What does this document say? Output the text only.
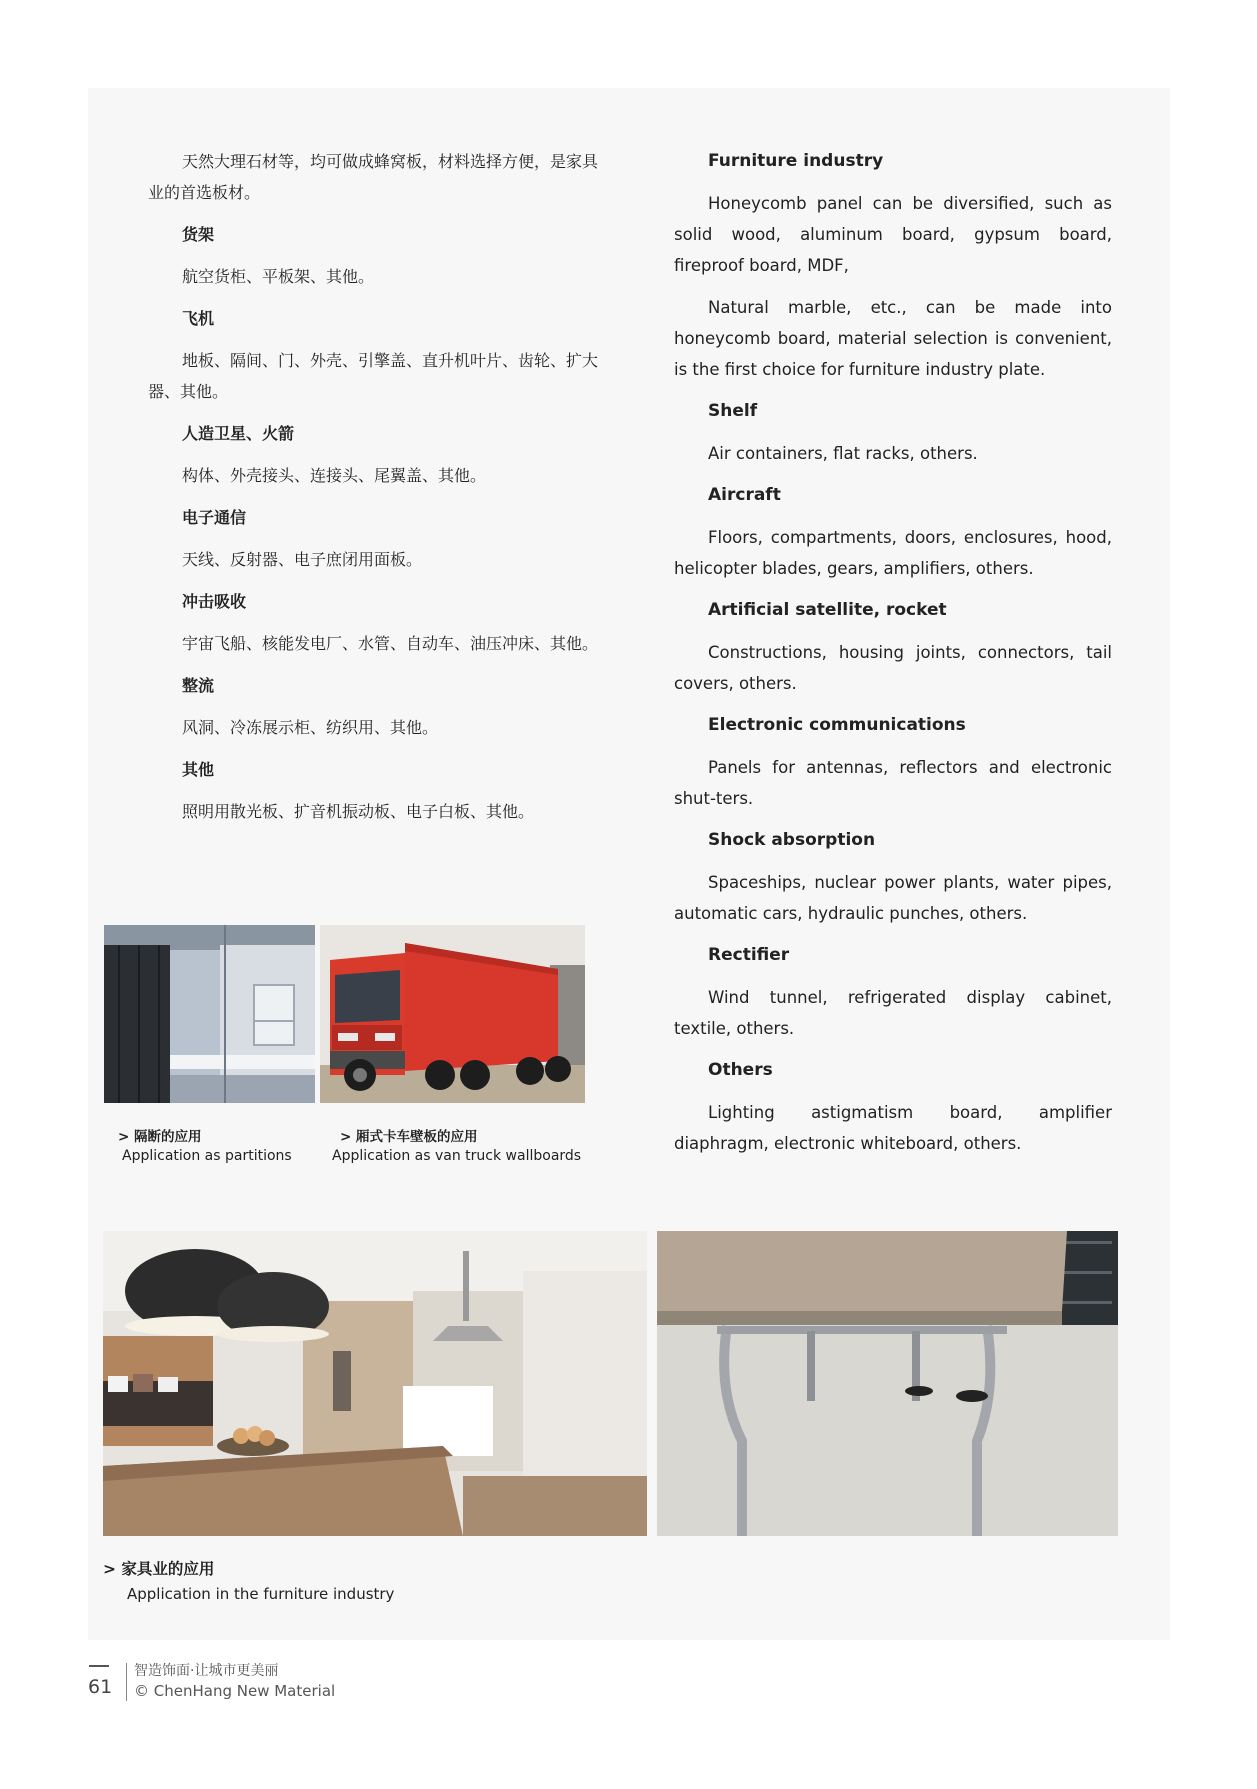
天然大理石材等，均可做成蜂窝板，材料选择方便，是家具业的首选板材。
货架
航空货柜、平板架、其他。
飞机
地板、隔间、门、外壳、引擎盖、直升机叶片、齿轮、扩大器、其他。
人造卫星、火箭
构体、外壳接头、连接头、尾翼盖、其他。
电子通信
天线、反射器、电子庶闭用面板。
冲击吸收
宇宙飞船、核能发电厂、水管、自动车、油压冲床、其他。
整流
风洞、冷冻展示柜、纺织用、其他。
其他
照明用散光板、扩音机振动板、电子白板、其他。
Furniture industry
Honeycomb panel can be diversified, such as solid wood, aluminum board, gypsum board, fireproof board, MDF,
Natural marble, etc., can be made into honeycomb board, material selection is convenient, is the first choice for furniture industry plate.
Shelf
Air containers, flat racks, others.
Aircraft
Floors, compartments, doors, enclosures, hood, helicopter blades, gears, amplifiers, others.
Artificial satellite, rocket
Constructions, housing joints, connectors, tail covers, others.
Electronic communications
Panels for antennas, reflectors and electronic shut-ters.
Shock absorption
Spaceships, nuclear power plants, water pipes, automatic cars, hydraulic punches, others.
Rectifier
Wind tunnel, refrigerated display cabinet, textile, others.
Others
Lighting astigmatism board, amplifier diaphragm, electronic whiteboard, others.
> 隔断的应用
Application as partitions
> 厢式卡车壁板的应用
Application as van truck wallboards
> 家具业的应用
Application in the furniture industry
61
智造饰面·让城市更美丽
© ChenHang New Material
